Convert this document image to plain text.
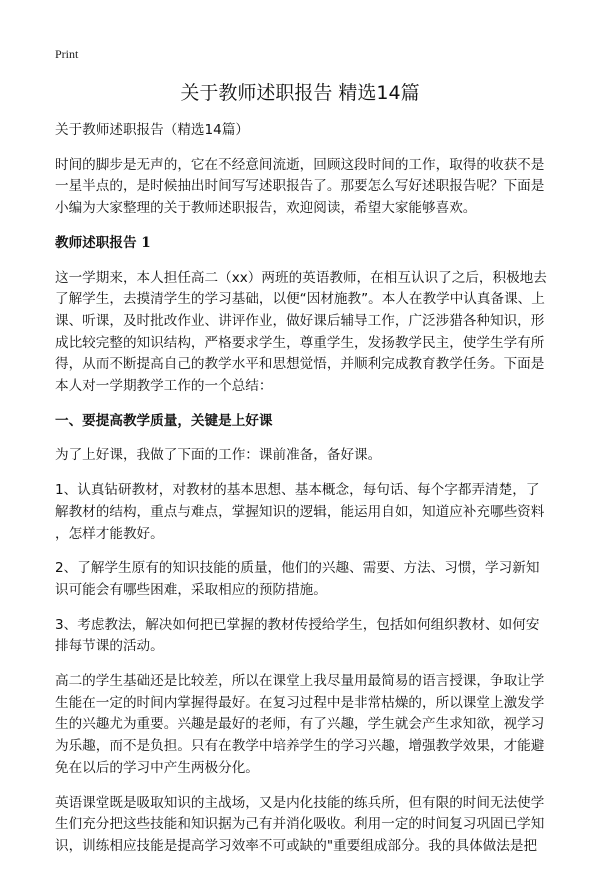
Print
关于教师述职报告 精选14篇
关于教师述职报告（精选14篇）
时间的脚步是无声的，它在不经意间流逝，回顾这段时间的工作，取得的收获不是
一星半点的，是时候抽出时间写写述职报告了。那要怎么写好述职报告呢？下面是
小编为大家整理的关于教师述职报告，欢迎阅读，希望大家能够喜欢。
教师述职报告 1
这一学期来，本人担任高二（xx）两班的英语教师，在相互认识了之后，积极地去
了解学生，去摸清学生的学习基础，以便“因材施教”。本人在教学中认真备课、上
课、听课，及时批改作业、讲评作业，做好课后辅导工作，广泛涉猎各种知识，形
成比较完整的知识结构，严格要求学生，尊重学生，发扬教学民主，使学生学有所
得，从而不断提高自己的教学水平和思想觉悟，并顺利完成教育教学任务。下面是
本人对一学期教学工作的一个总结：
一、要提高教学质量，关键是上好课
为了上好课，我做了下面的工作：课前准备，备好课。
1、认真钻研教材，对教材的基本思想、基本概念，每句话、每个字都弄清楚，了
解教材的结构，重点与难点，掌握知识的逻辑，能运用自如，知道应补充哪些资料
，怎样才能教好。
2、了解学生原有的知识技能的质量，他们的兴趣、需要、方法、习惯，学习新知
识可能会有哪些困难，采取相应的预防措施。
3、考虑教法，解决如何把已掌握的教材传授给学生，包括如何组织教材、如何安
排每节课的活动。
高二的学生基础还是比较差，所以在课堂上我尽量用最简易的语言授课，争取让学
生能在一定的时间内掌握得最好。在复习过程中是非常枯燥的，所以课堂上激发学
生的兴趣尤为重要。兴趣是最好的老师，有了兴趣，学生就会产生求知欲，视学习
为乐趣，而不是负担。只有在教学中培养学生的学习兴趣，增强教学效果，才能避
免在以后的学习中产生两极分化。
英语课堂既是吸取知识的主战场，又是内化技能的练兵所，但有限的时间无法使学
生们充分把这些技能和知识据为己有并消化吸收。利用一定的时间复习巩固已学知
识，训练相应技能是提高学习效率不可或缺的"重要组成部分。我的具体做法是把
